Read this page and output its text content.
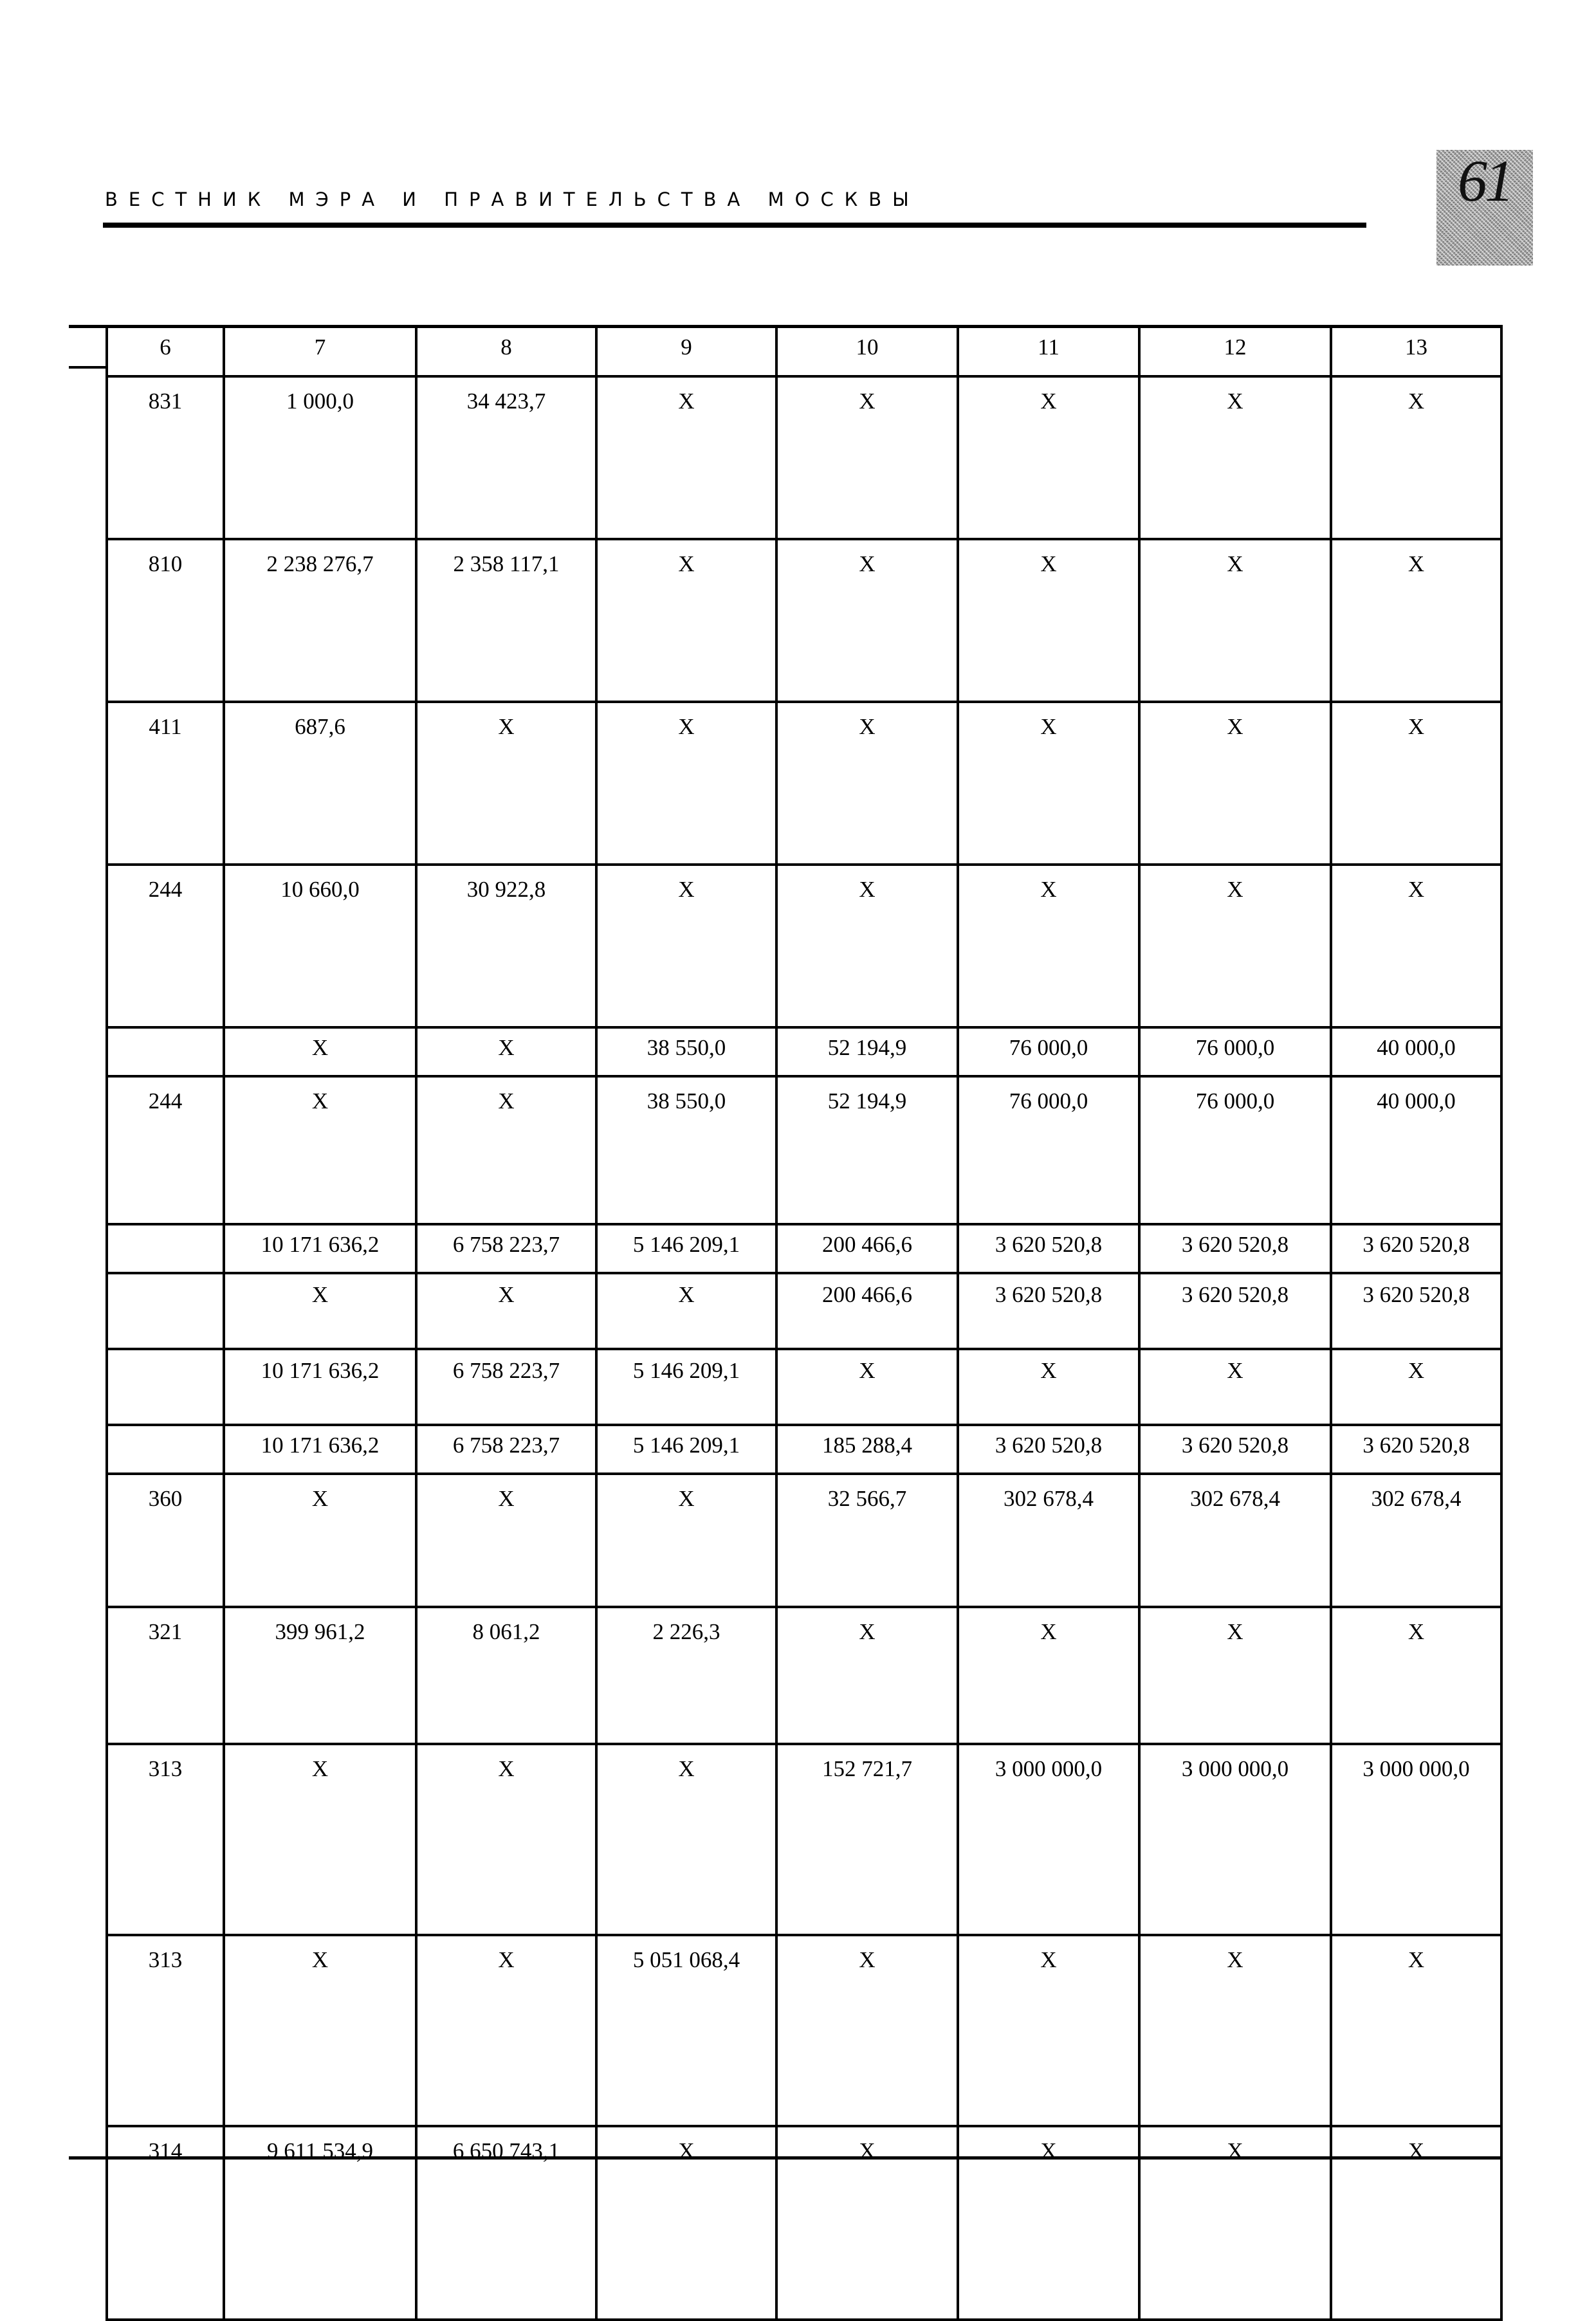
ВЕСТНИК МЭРА И ПРАВИТЕЛЬСТВА МОСКВЫ	61
6	7	8	9	10	11	12	13
831	1 000,0	34 423,7	X	X	X	X	X
810	2 238 276,7	2 358 117,1	X	X	X	X	X
411	687,6	X	X	X	X	X	X
244	10 660,0	30 922,8	X	X	X	X	X
	X	X	38 550,0	52 194,9	76 000,0	76 000,0	40 000,0
244	X	X	38 550,0	52 194,9	76 000,0	76 000,0	40 000,0
	10 171 636,2	6 758 223,7	5 146 209,1	200 466,6	3 620 520,8	3 620 520,8	3 620 520,8
	X	X	X	200 466,6	3 620 520,8	3 620 520,8	3 620 520,8
	10 171 636,2	6 758 223,7	5 146 209,1	X	X	X	X
	10 171 636,2	6 758 223,7	5 146 209,1	185 288,4	3 620 520,8	3 620 520,8	3 620 520,8
360	X	X	X	32 566,7	302 678,4	302 678,4	302 678,4
321	399 961,2	8 061,2	2 226,3	X	X	X	X
313	X	X	X	152 721,7	3 000 000,0	3 000 000,0	3 000 000,0
313	X	X	5 051 068,4	X	X	X	X
314	9 611 534,9	6 650 743,1	X	X	X	X	X
